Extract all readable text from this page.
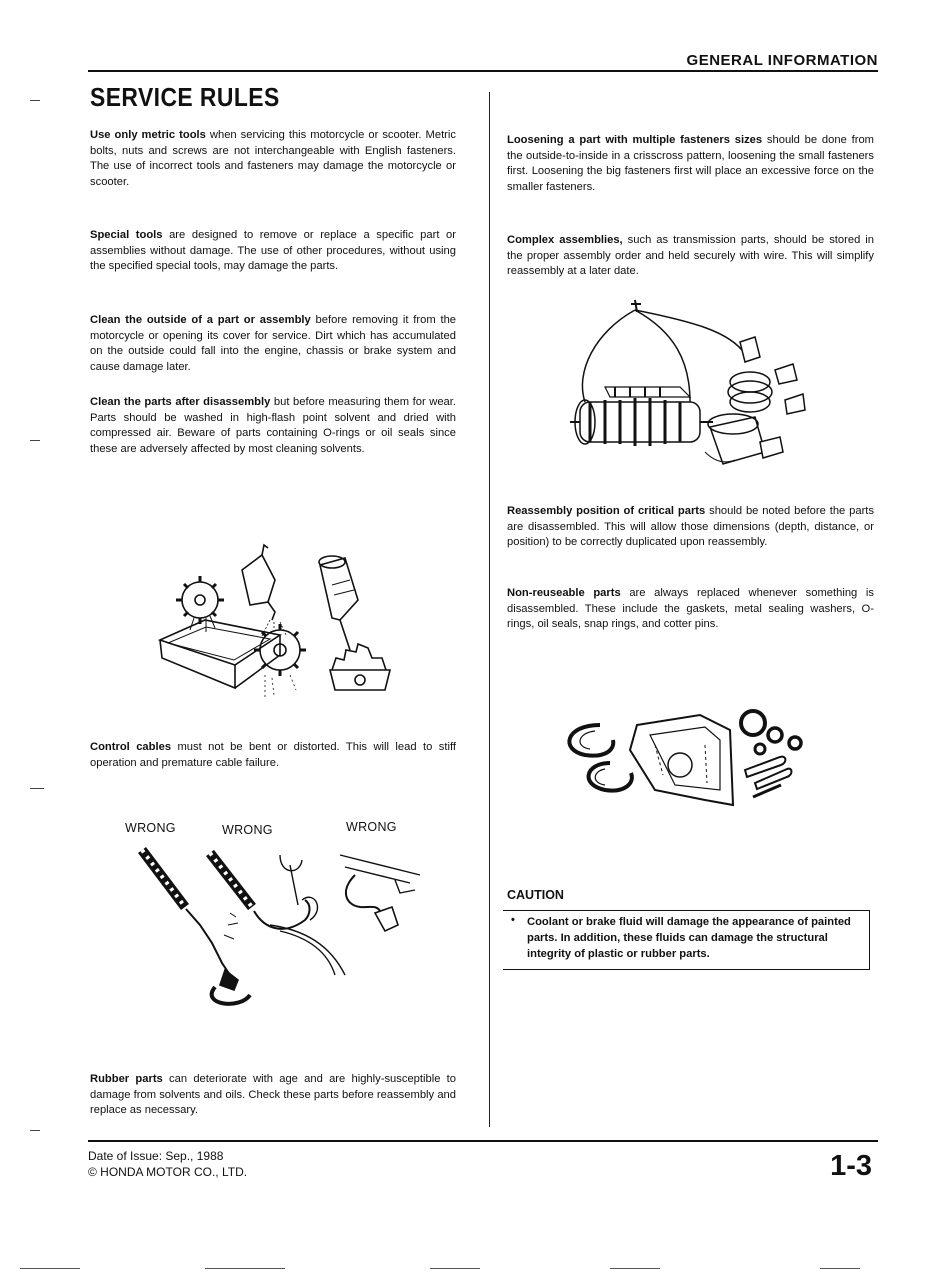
GENERAL INFORMATION
SERVICE RULES
Use only metric tools when servicing this motorcycle or scooter. Metric bolts, nuts and screws are not interchangeable with English fasteners. The use of incorrect tools and fasteners may damage the motorcycle or scooter.
Special tools are designed to remove or replace a specific part or assemblies without damage. The use of other procedures, without using the specified special tools, may damage the parts.
Clean the outside of a part or assembly before removing it from the motorcycle or opening its cover for service. Dirt which has accumulated on the outside could fall into the engine, chassis or brake system and cause damage later.
Clean the parts after disassembly but before measuring them for wear. Parts should be washed in high-flash point solvent and dried with compressed air. Beware of parts containing O-rings or oil seals since these are adversely affected by most cleaning solvents.
Control cables must not be bent or distorted. This will lead to stiff operation and premature cable failure.
WRONG	WRONG	WRONG
Rubber parts can deteriorate with age and are highly-susceptible to damage from solvents and oils. Check these parts before reassembly and replace as necessary.
Loosening a part with multiple fasteners sizes should be done from the outside-to-inside in a crisscross pattern, loosening the small fasteners first. Loosening the big fasteners first will place an excessive force on the smaller fasteners.
Complex assemblies, such as transmission parts, should be stored in the proper assembly order and held securely with wire. This will simplify reassembly at a later date.
Reassembly position of critical parts should be noted before the parts are disassembled. This will allow those dimensions (depth, distance, or position) to be correctly duplicated upon reassembly.
Non-reuseable parts are always replaced whenever something is disassembled. These include the gaskets, metal sealing washers, O-rings, oil seals, snap rings, and cotter pins.
CAUTION
• Coolant or brake fluid will damage the appearance of painted parts. In addition, these fluids can damage the structural integrity of plastic or rubber parts.
Date of Issue: Sep., 1988
© HONDA MOTOR CO., LTD.	1-3
